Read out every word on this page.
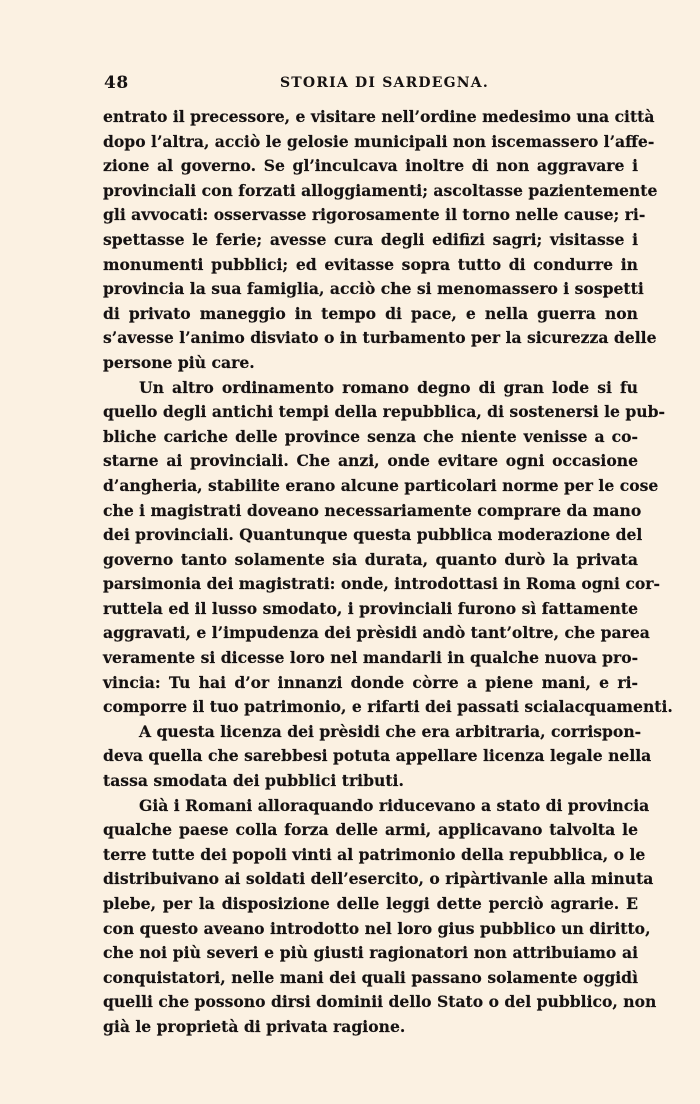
48	STORIA DI SARDEGNA.
entrato il precessore, e visitare nell’ordine medesimo una città
dopo l’altra, acciò le gelosie municipali non iscemassero l’affe-
zione al governo. Se gl’inculcava inoltre di non aggravare i
provinciali con forzati alloggiamenti; ascoltasse pazientemente
gli avvocati: osservasse rigorosamente il torno nelle cause; ri-
spettasse le ferie; avesse cura degli edifizi sagri; visitasse i
monumenti pubblici; ed evitasse sopra tutto di condurre in
provincia la sua famiglia, acciò che si menomassero i sospetti
di privato maneggio in tempo di pace, e nella guerra non
s’avesse l’animo disviato o in turbamento per la sicurezza delle
persone più care.
Un altro ordinamento romano degno di gran lode si fu
quello degli antichi tempi della repubblica, di sostenersi le pub-
bliche cariche delle province senza che niente venisse a co-
starne ai provinciali. Che anzi, onde evitare ogni occasione
d’angheria, stabilite erano alcune particolari norme per le cose
che i magistrati doveano necessariamente comprare da mano
dei provinciali. Quantunque questa pubblica moderazione del
governo tanto solamente sia durata, quanto durò la privata
parsimonia dei magistrati: onde, introdottasi in Roma ogni cor-
ruttela ed il lusso smodato, i provinciali furono sì fattamente
aggravati, e l’impudenza dei prèsidi andò tant’oltre, che parea
veramente si dicesse loro nel mandarli in qualche nuova pro-
vincia: Tu hai d’or innanzi donde còrre a piene mani, e ri-
comporre il tuo patrimonio, e rifarti dei passati scialacquamenti.
A questa licenza dei prèsidi che era arbitraria, corrispon-
deva quella che sarebbesi potuta appellare licenza legale nella
tassa smodata dei pubblici tributi.
Già i Romani alloraquando riducevano a stato di provincia
qualche paese colla forza delle armi, applicavano talvolta le
terre tutte dei popoli vinti al patrimonio della repubblica, o le
distribuivano ai soldati dell’esercito, o ripàrtivanle alla minuta
plebe, per la disposizione delle leggi dette perciò agrarie. E
con questo aveano introdotto nel loro gius pubblico un diritto,
che noi più severi e più giusti ragionatori non attribuiamo ai
conquistatori, nelle mani dei quali passano solamente oggidì
quelli che possono dirsi dominii dello Stato o del pubblico, non
già le proprietà di privata ragione.
